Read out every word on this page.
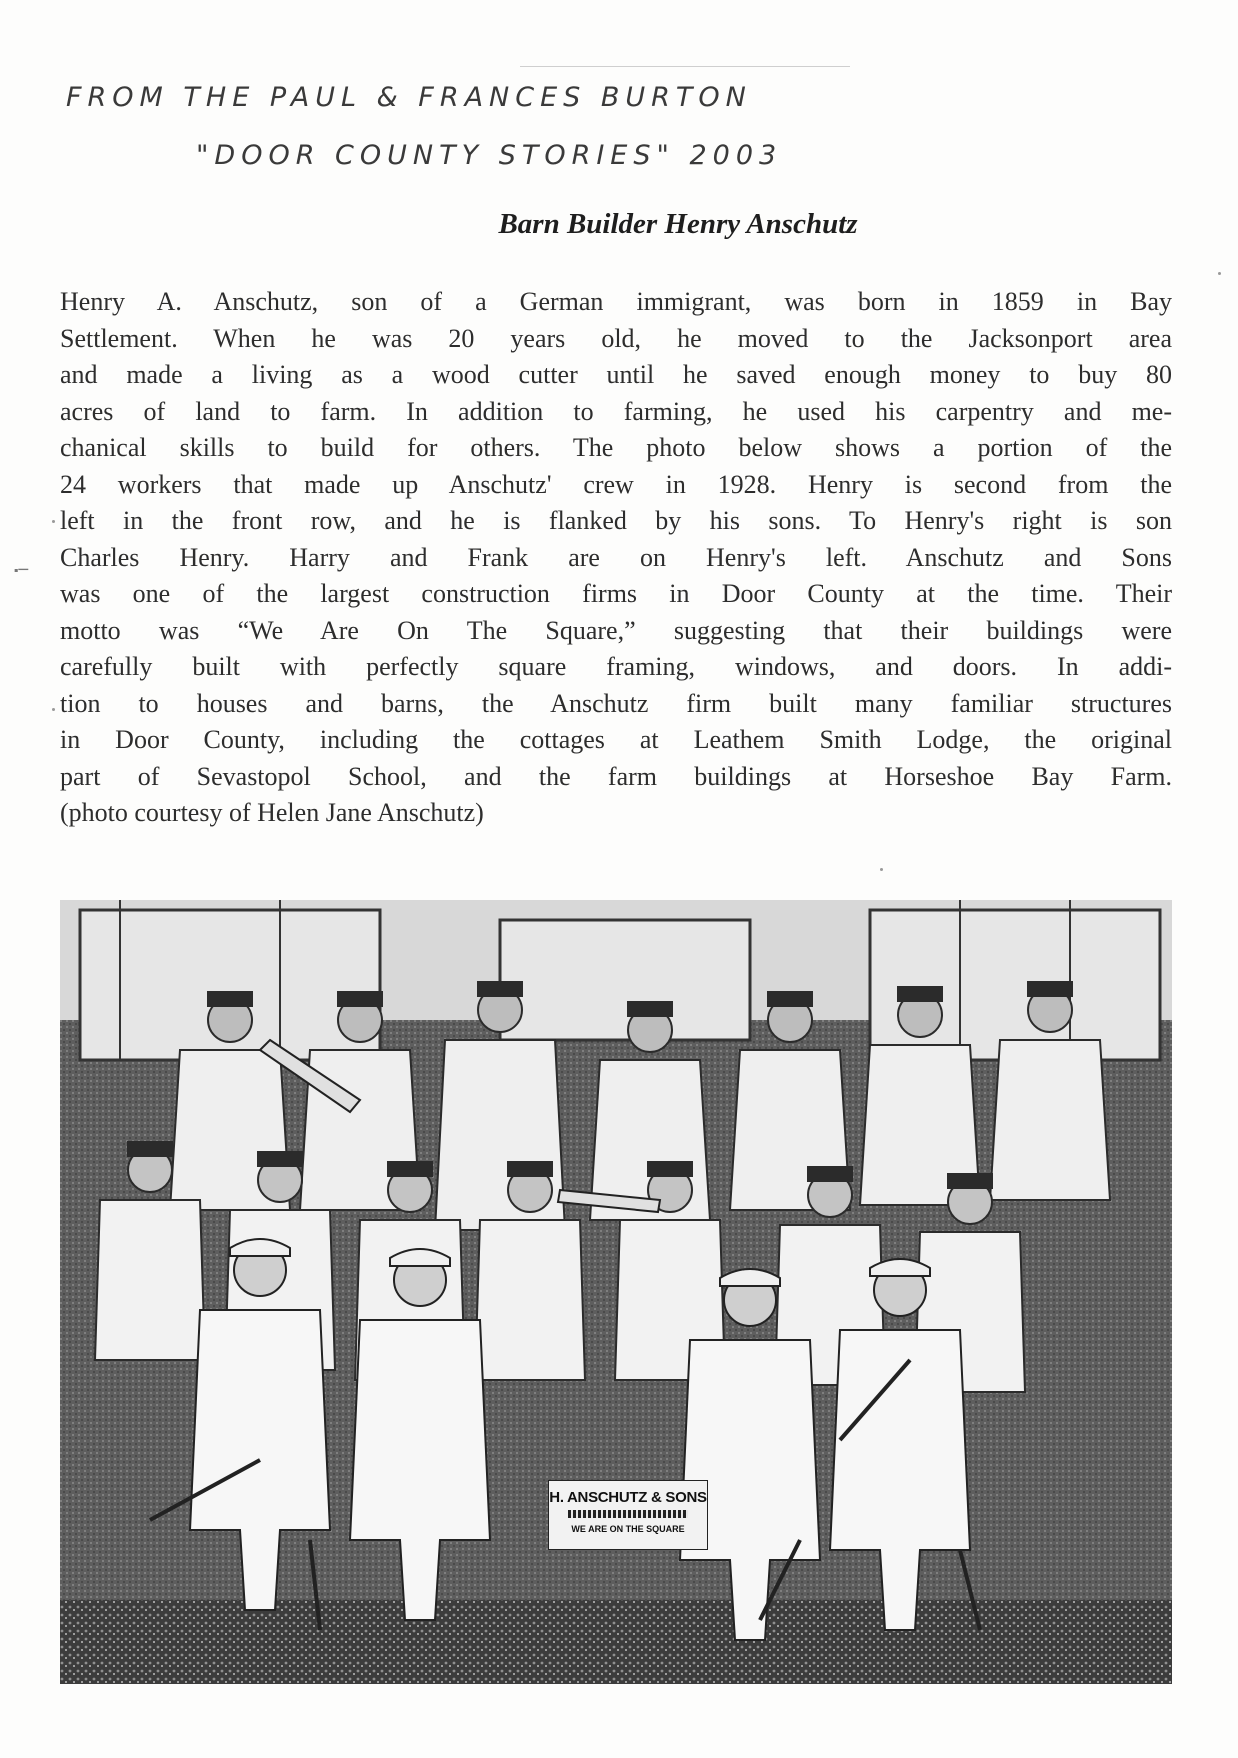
FROM THE PAUL & FRANCES BURTON
"DOOR COUNTY STORIES" 2003
Barn Builder Henry Anschutz
Henry A. Anschutz, son of a German immigrant, was born in 1859 in Bay
Settlement. When he was 20 years old, he moved to the Jacksonport area
and made a living as a wood cutter until he saved enough money to buy 80
acres of land to farm. In addition to farming, he used his carpentry and me-
chanical skills to build for others. The photo below shows a portion of the
24 workers that made up Anschutz' crew in 1928. Henry is second from the
left in the front row, and he is flanked by his sons. To Henry's right is son
Charles Henry. Harry and Frank are on Henry's left. Anschutz and Sons
was one of the largest construction firms in Door County at the time. Their
motto was “We Are On The Square,” suggesting that their buildings were
carefully built with perfectly square framing, windows, and doors. In addi-
tion to houses and barns, the Anschutz firm built many familiar structures
in Door County, including the cottages at Leathem Smith Lodge, the original
part of Sevastopol School, and the farm buildings at Horseshoe Bay Farm.
(photo courtesy of Helen Jane Anschutz)
⬝─
H. ANSCHUTZ & SONS
WE ARE ON THE SQUARE
